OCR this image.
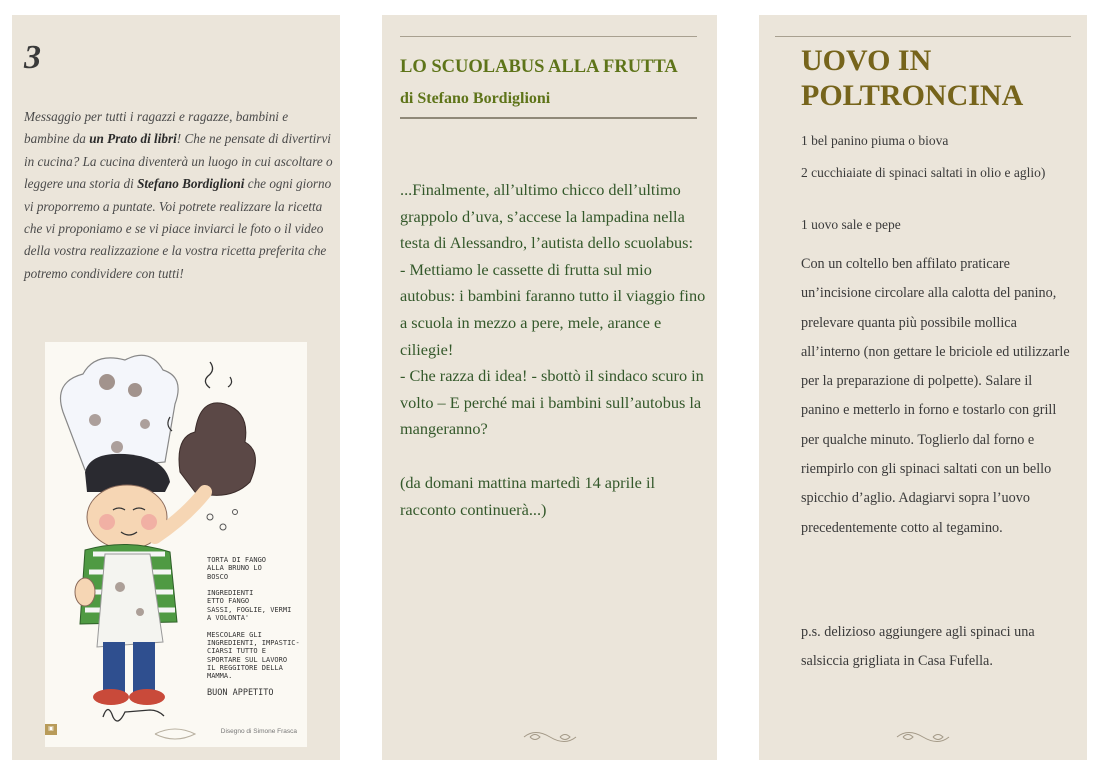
3
Messaggio per tutti i ragazzi e ragazze, bambini e bambine da un Prato di libri! Che ne pensate di divertirvi in cucina? La cucina diventerà un luogo in cui ascoltare o leggere una storia di Stefano Bordiglioni che ogni giorno vi proporremo a puntate. Voi potrete realizzare la ricetta che vi proponiamo e se vi piace inviarci le foto o il video della vostra realizzazione e la vostra ricetta preferita che potremo condividere con tutti!
TORTA DI FANGO
ALLA BRUNO LO
BOSCO

INGREDIENTI
ETTO FANGO
SASSI, FOGLIE, VERMI
A VOLONTA'

MESCOLARE GLI
INGREDIENTI, IMPASTIC-
CIARSI TUTTO E
SPORTARE SUL LAVORO
IL REGGITORE DELLA
MAMMA.

BUON APPETITO
Disegno di Simone Frasca
▣
LO SCUOLABUS ALLA FRUTTA
di Stefano Bordiglioni

...Finalmente, all’ultimo chicco dell’ultimo grappolo d’uva, s’accese la lampadina nella testa di Alessandro, l’autista dello scuolabus:

- Mettiamo le cassette di frutta sul mio autobus: i bambini faranno tutto il viaggio fino a scuola in mezzo a pere, mele, arance e ciliegie!

- Che razza di idea! - sbottò il sindaco scuro in volto – E perché mai i bambini sull’autobus la mangeranno?

(da domani mattina martedì 14 aprile il racconto continuerà...)

UOVO IN POLTRONCINA
1 bel panino piuma o biova
2 cucchiaiate di spinaci saltati in olio e aglio)
1 uovo sale e pepe
Con un coltello ben affilato praticare un’incisione circolare alla calotta del panino, prelevare quanta più possibile mollica all’interno (non gettare le briciole ed utilizzarle per la preparazione di polpette). Salare il panino e metterlo in forno e tostarlo con grill per qualche minuto. Toglierlo dal forno e riempirlo con gli spinaci saltati con un bello spicchio d’aglio. Adagiarvi sopra l’uovo precedentemente cotto al tegamino.
p.s. delizioso aggiungere agli spinaci una salsiccia grigliata in Casa Fufella.
